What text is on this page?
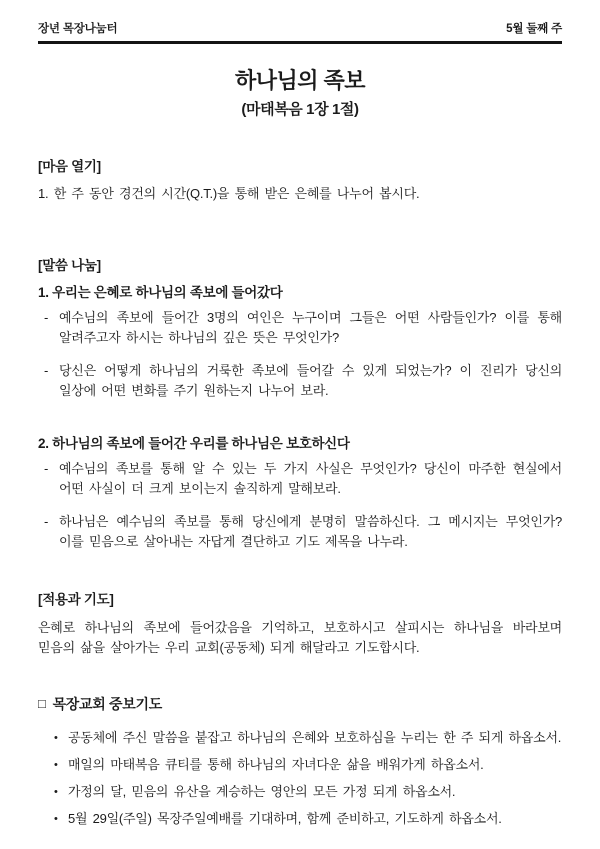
장년 목장나눔터	5월 둘째 주
하나님의 족보
(마태복음 1장 1절)
[마음 열기]
1. 한 주 동안 경건의 시간(Q.T.)을 통해 받은 은혜를 나누어 봅시다.
[말씀 나눔]
1. 우리는 은혜로 하나님의 족보에 들어갔다
- 예수님의 족보에 들어간 3명의 여인은 누구이며 그들은 어떤 사람들인가? 이를 통해 알려주고자 하시는 하나님의 깊은 뜻은 무엇인가?
- 당신은 어떻게 하나님의 거룩한 족보에 들어갈 수 있게 되었는가? 이 진리가 당신의 일상에 어떤 변화를 주기 원하는지 나누어 보라.
2. 하나님의 족보에 들어간 우리를 하나님은 보호하신다
- 예수님의 족보를 통해 알 수 있는 두 가지 사실은 무엇인가? 당신이 마주한 현실에서 어떤 사실이 더 크게 보이는지 솔직하게 말해보라.
- 하나님은 예수님의 족보를 통해 당신에게 분명히 말씀하신다. 그 메시지는 무엇인가? 이를 믿음으로 살아내는 자답게 결단하고 기도 제목을 나누라.
[적용과 기도]
은혜로 하나님의 족보에 들어갔음을 기억하고, 보호하시고 살피시는 하나님을 바라보며 믿음의 삶을 살아가는 우리 교회(공동체) 되게 해달라고 기도합시다.
□ 목장교회 중보기도
• 공동체에 주신 말씀을 붙잡고 하나님의 은혜와 보호하심을 누리는 한 주 되게 하옵소서.
• 매일의 마태복음 큐티를 통해 하나님의 자녀다운 삶을 배워가게 하옵소서.
• 가정의 달, 믿음의 유산을 계승하는 영안의 모든 가정 되게 하옵소서.
• 5월 29일(주일) 목장주일예배를 기대하며, 함께 준비하고, 기도하게 하옵소서.
